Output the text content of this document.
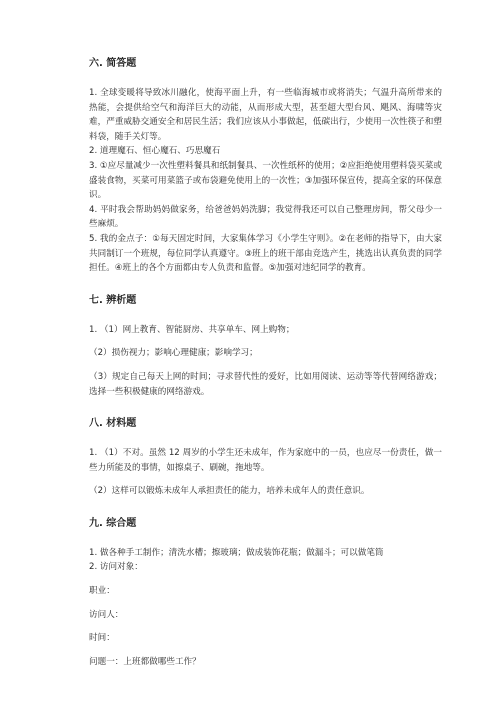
六. 简答题

1. 全球变暖将导致冰川融化，使海平面上升，有一些临海城市或将消失；气温升高所带来的热能，会提供给空气和海洋巨大的动能，从而形成大型，甚至超大型台风、飓风、海啸等灾难，严重威胁交通安全和居民生活；我们应该从小事做起，低碳出行，少使用一次性筷子和塑料袋，随手关灯等。

2. 道理魔石、恒心魔石、巧思魔石

3. ①应尽量减少一次性塑料餐具和纸制餐具、一次性纸杯的使用；②应拒绝使用塑料袋买菜或盛装食物，买菜可用菜篮子或布袋避免使用上的一次性；③加强环保宣传，提高全家的环保意识。

4. 平时我会帮助妈妈做家务，给爸爸妈妈洗脚；我觉得我还可以自己整理房间，帮父母少一些麻烦。

5. 我的金点子：①每天固定时间，大家集体学习《小学生守则》。②在老师的指导下，由大家共同制订一个班规，每位同学认真遵守。③班上的班干部由竞选产生，挑选出认真负责的同学担任。④班上的各个方面都由专人负责和监督。⑤加强对违纪同学的教育。

七. 辨析题

1. （1）网上教育、智能厨房、共享单车、网上购物；

（2）损伤视力；影响心理健康；影响学习；

（3）规定自己每天上网的时间；寻求替代性的爱好，比如用阅读、运动等等代替网络游戏；选择一些积极健康的网络游戏。

八. 材料题

1. （1）不对。虽然 12 周岁的小学生还未成年，作为家庭中的一员，也应尽一份责任，做一些力所能及的事情，如擦桌子、刷碗，拖地等。

（2）这样可以锻炼未成年人承担责任的能力，培养未成年人的责任意识。

九. 综合题

1. 做各种手工制作；清洗水槽；擦玻璃；做成装饰花瓶；做漏斗；可以做笔筒

2. 访问对象：

职业：

访问人：

时间：

问题一：上班都做哪些工作？
